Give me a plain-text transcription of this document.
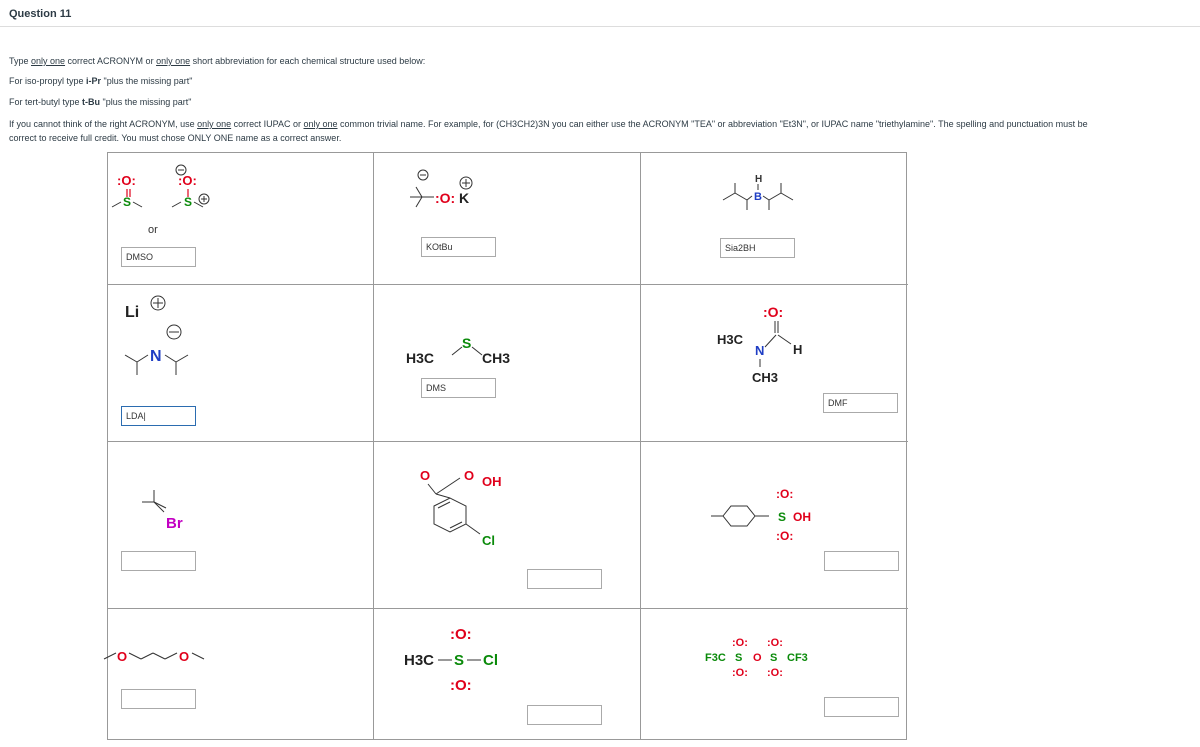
Question 11
Type only one correct ACRONYM or only one short abbreviation for each chemical structure used below:
For iso-propyl type i-Pr "plus the missing part"
For tert-butyl type t-Bu "plus the missing part"
If you cannot think of the right ACRONYM, use only one correct IUPAC or only one common trivial name. For example, for (CH3CH2)3N you can either use the ACRONYM "TEA" or abbreviation "Et3N", or IUPAC name "triethylamine". The spelling and punctuation must be
correct to receive full credit. You must chose ONLY ONE name as a correct answer.
:O:
S
or
:O:
S
DMSO	:O: K
KOtBu
H
B
Sia2BH
Li
N
LDA|
S
H3C	CH3
DMS
:O:
H3C
N H
CH3
DMF
Br
O	O OH
Cl
:O:
S OH
:O:
O	O
:O:
H3C S Cl
:O:
:O: :O:
F3C S O S CF3
:O: :O:
